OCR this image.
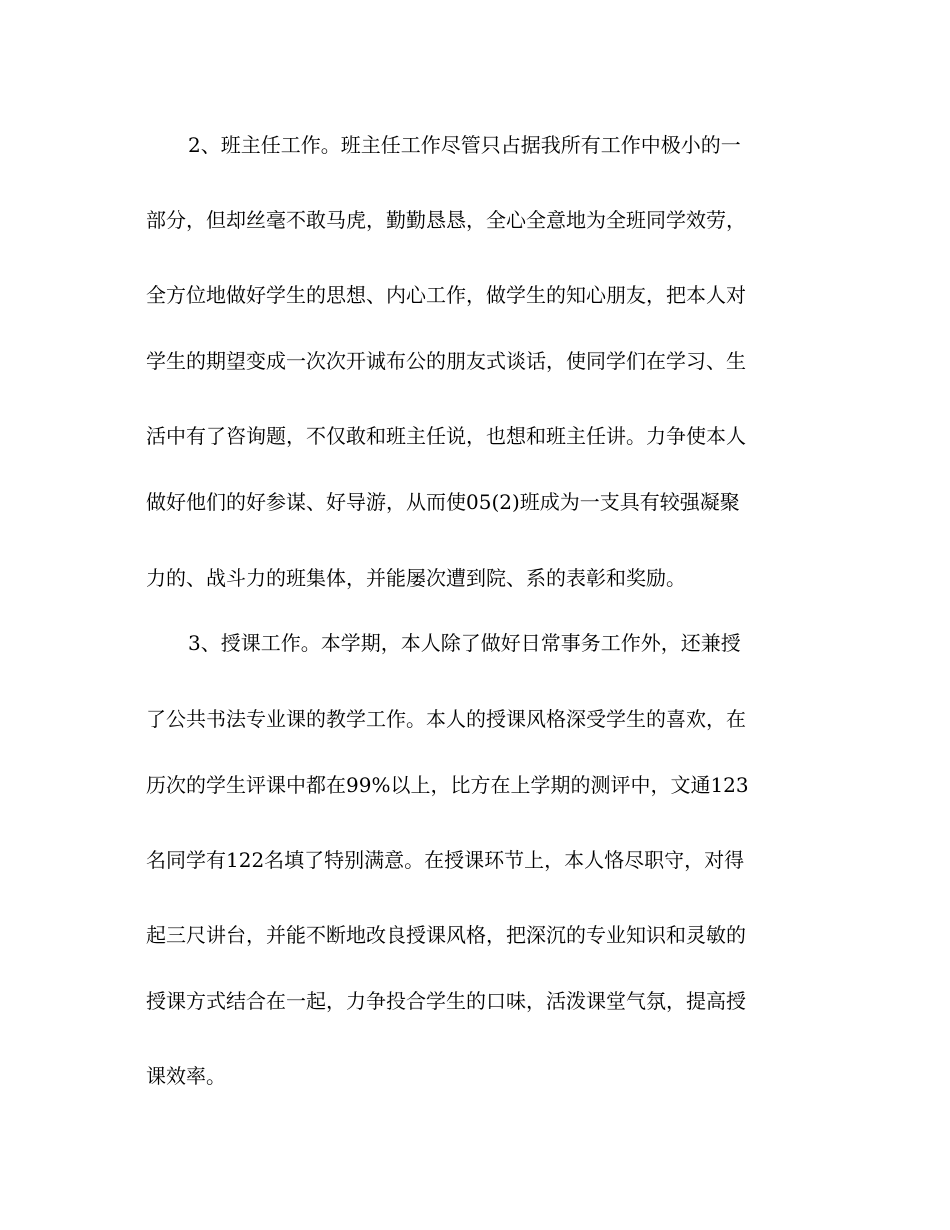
2、班主任工作。班主任工作尽管只占据我所有工作中极小的一
部分，但却丝毫不敢马虎，勤勤恳恳，全心全意地为全班同学效劳，
全方位地做好学生的思想、内心工作，做学生的知心朋友，把本人对
学生的期望变成一次次开诚布公的朋友式谈话，使同学们在学习、生
活中有了咨询题，不仅敢和班主任说，也想和班主任讲。力争使本人
做好他们的好参谋、好导游，从而使05(2)班成为一支具有较强凝聚
力的、战斗力的班集体，并能屡次遭到院、系的表彰和奖励。
3、授课工作。本学期，本人除了做好日常事务工作外，还兼授
了公共书法专业课的教学工作。本人的授课风格深受学生的喜欢，在
历次的学生评课中都在99%以上，比方在上学期的测评中，文通123
名同学有122名填了特别满意。在授课环节上，本人恪尽职守，对得
起三尺讲台，并能不断地改良授课风格，把深沉的专业知识和灵敏的
授课方式结合在一起，力争投合学生的口味，活泼课堂气氛，提高授
课效率。
